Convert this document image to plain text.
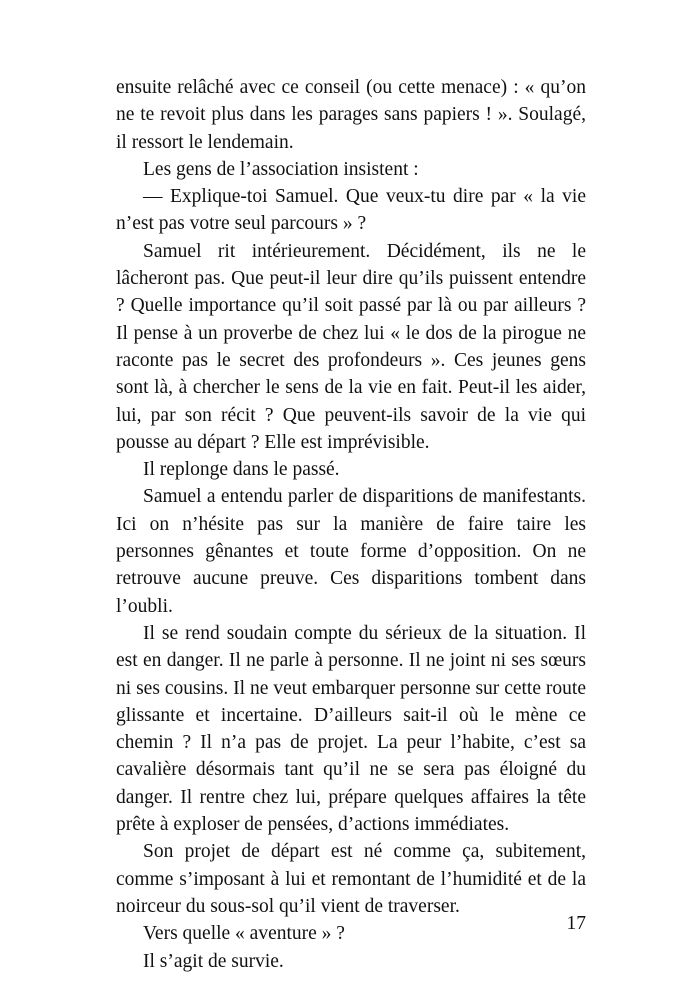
ensuite relâché avec ce conseil (ou cette menace) : « qu’on ne te revoit plus dans les parages sans papiers ! ». Soulagé, il ressort le lendemain.

Les gens de l’association insistent :

— Explique-toi Samuel. Que veux-tu dire par « la vie n’est pas votre seul parcours » ?

Samuel rit intérieurement. Décidément, ils ne le lâcheront pas. Que peut-il leur dire qu’ils puissent entendre ? Quelle importance qu’il soit passé par là ou par ailleurs ? Il pense à un proverbe de chez lui « le dos de la pirogue ne raconte pas le secret des profondeurs ». Ces jeunes gens sont là, à chercher le sens de la vie en fait. Peut-il les aider, lui, par son récit ? Que peuvent-ils savoir de la vie qui pousse au départ ? Elle est imprévisible.

Il replonge dans le passé.

Samuel a entendu parler de disparitions de manifestants. Ici on n’hésite pas sur la manière de faire taire les personnes gênantes et toute forme d’opposition. On ne retrouve aucune preuve. Ces disparitions tombent dans l’oubli.

Il se rend soudain compte du sérieux de la situation. Il est en danger. Il ne parle à personne. Il ne joint ni ses sœurs ni ses cousins. Il ne veut embarquer personne sur cette route glissante et incertaine. D’ailleurs sait-il où le mène ce chemin ? Il n’a pas de projet. La peur l’habite, c’est sa cavalière désormais tant qu’il ne se sera pas éloigné du danger. Il rentre chez lui, prépare quelques affaires la tête prête à exploser de pensées, d’actions immédiates.

Son projet de départ est né comme ça, subitement, comme s’imposant à lui et remontant de l’humidité et de la noirceur du sous-sol qu’il vient de traverser.

Vers quelle « aventure » ?

Il s’agit de survie.

17
